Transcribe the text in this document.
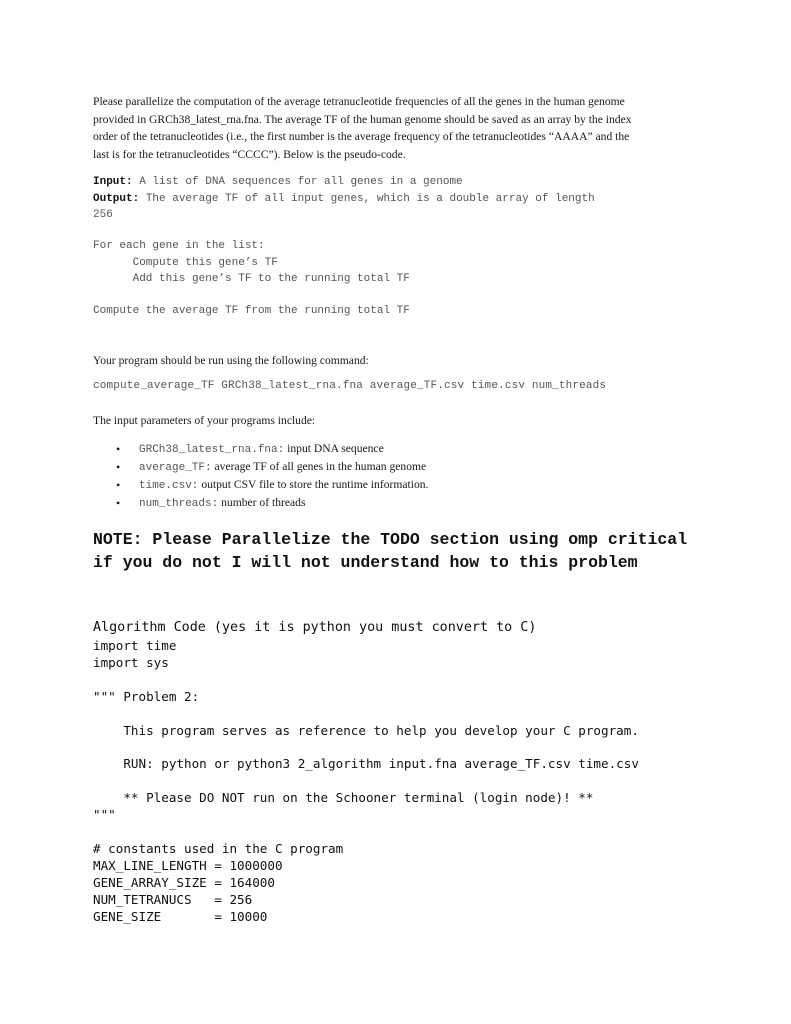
Please parallelize the computation of the average tetranucleotide frequencies of all the genes in the human genome
provided in GRCh38_latest_rna.fna. The average TF of the human genome should be saved as an array by the index
order of the tetranucleotides (i.e., the first number is the average frequency of the tetranucleotides “AAAA” and the
last is for the tetranucleotides “CCCC”). Below is the pseudo-code.
Input: A list of DNA sequences for all genes in a genome
Output: The average TF of all input genes, which is a double array of length
256
For each gene in the list:
Compute this gene’s TF
Add this gene’s TF to the running total TF
Compute the average TF from the running total TF
Your program should be run using the following command:
compute_average_TF GRCh38_latest_rna.fna average_TF.csv time.csv num_threads
The input parameters of your programs include:
• GRCh38_latest_rna.fna: input DNA sequence
• average_TF: average TF of all genes in the human genome
• time.csv: output CSV file to store the runtime information.
• num_threads: number of threads
NOTE: Please Parallelize the TODO section using omp critical if you do not I will not understand how to this problem
Algorithm Code (yes it is python you must convert to C)
import time
import sys

""" Problem 2:

This program serves as reference to help you develop your C program.

RUN: python or python3 2_algorithm input.fna average_TF.csv time.csv

** Please DO NOT run on the Schooner terminal (login node)! **
"""

# constants used in the C program
MAX_LINE_LENGTH = 1000000
GENE_ARRAY_SIZE = 164000
NUM_TETRANUCS   = 256
GENE_SIZE       = 10000
